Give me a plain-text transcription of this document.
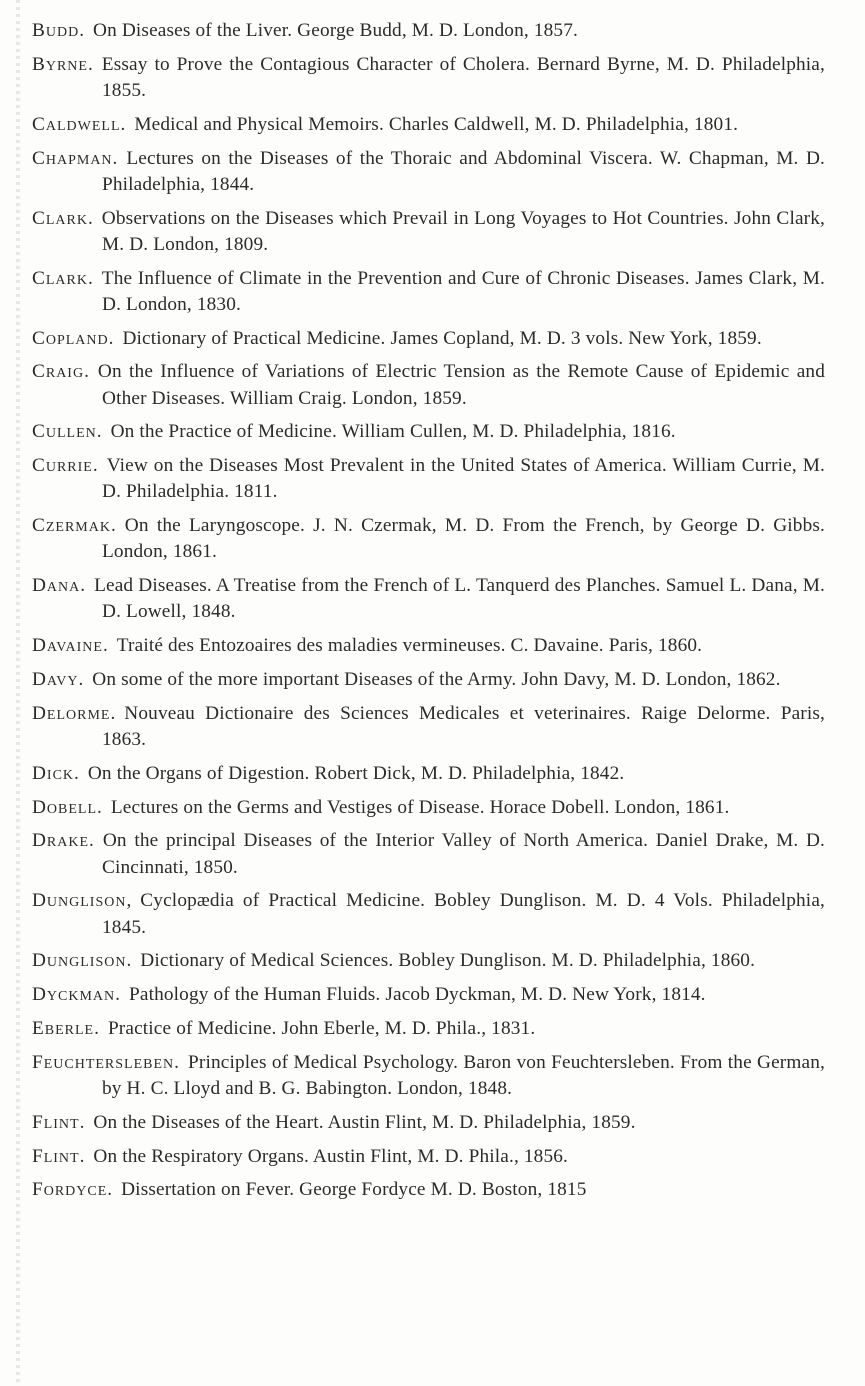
Budd. On Diseases of the Liver. George Budd, M. D. London, 1857.

Byrne. Essay to Prove the Contagious Character of Cholera. Bernard Byrne, M. D. Philadelphia, 1855.

Caldwell. Medical and Physical Memoirs. Charles Caldwell, M. D. Philadelphia, 1801.

Chapman. Lectures on the Diseases of the Thoraic and Abdominal Viscera. W. Chapman, M. D. Philadelphia, 1844.

Clark. Observations on the Diseases which Prevail in Long Voyages to Hot Countries. John Clark, M. D. London, 1809.

Clark. The Influence of Climate in the Prevention and Cure of Chronic Diseases. James Clark, M. D. London, 1830.

Copland. Dictionary of Practical Medicine. James Copland, M. D. 3 vols. New York, 1859.

Craig. On the Influence of Variations of Electric Tension as the Remote Cause of Epidemic and Other Diseases. William Craig. London, 1859.

Cullen. On the Practice of Medicine. William Cullen, M. D. Philadelphia, 1816.

Currie. View on the Diseases Most Prevalent in the United States of America. William Currie, M. D. Philadelphia. 1811.

Czermak. On the Laryngoscope. J. N. Czermak, M. D. From the French, by George D. Gibbs. London, 1861.

Dana. Lead Diseases. A Treatise from the French of L. Tanquerd des Planches. Samuel L. Dana, M. D. Lowell, 1848.

Davaine. Traité des Entozoaires des maladies vermineuses. C. Davaine. Paris, 1860.

Davy. On some of the more important Diseases of the Army. John Davy, M. D. London, 1862.

Delorme. Nouveau Dictionaire des Sciences Medicales et veterinaires. Raige Delorme. Paris, 1863.

Dick. On the Organs of Digestion. Robert Dick, M. D. Philadelphia, 1842.

Dobell. Lectures on the Germs and Vestiges of Disease. Horace Dobell. London, 1861.

Drake. On the principal Diseases of the Interior Valley of North America. Daniel Drake, M. D. Cincinnati, 1850.

Dunglison, Cyclopædia of Practical Medicine. Bobley Dunglison. M. D. 4 Vols. Philadelphia, 1845.

Dunglison. Dictionary of Medical Sciences. Bobley Dunglison. M. D. Philadelphia, 1860.

Dyckman. Pathology of the Human Fluids. Jacob Dyckman, M. D. New York, 1814.

Eberle. Practice of Medicine. John Eberle, M. D. Phila., 1831.

Feuchtersleben. Principles of Medical Psychology. Baron von Feuchtersleben. From the German, by H. C. Lloyd and B. G. Babington. London, 1848.

Flint. On the Diseases of the Heart. Austin Flint, M. D. Philadelphia, 1859.

Flint. On the Respiratory Organs. Austin Flint, M. D. Phila., 1856.

Fordyce. Dissertation on Fever. George Fordyce M. D. Boston, 1815
